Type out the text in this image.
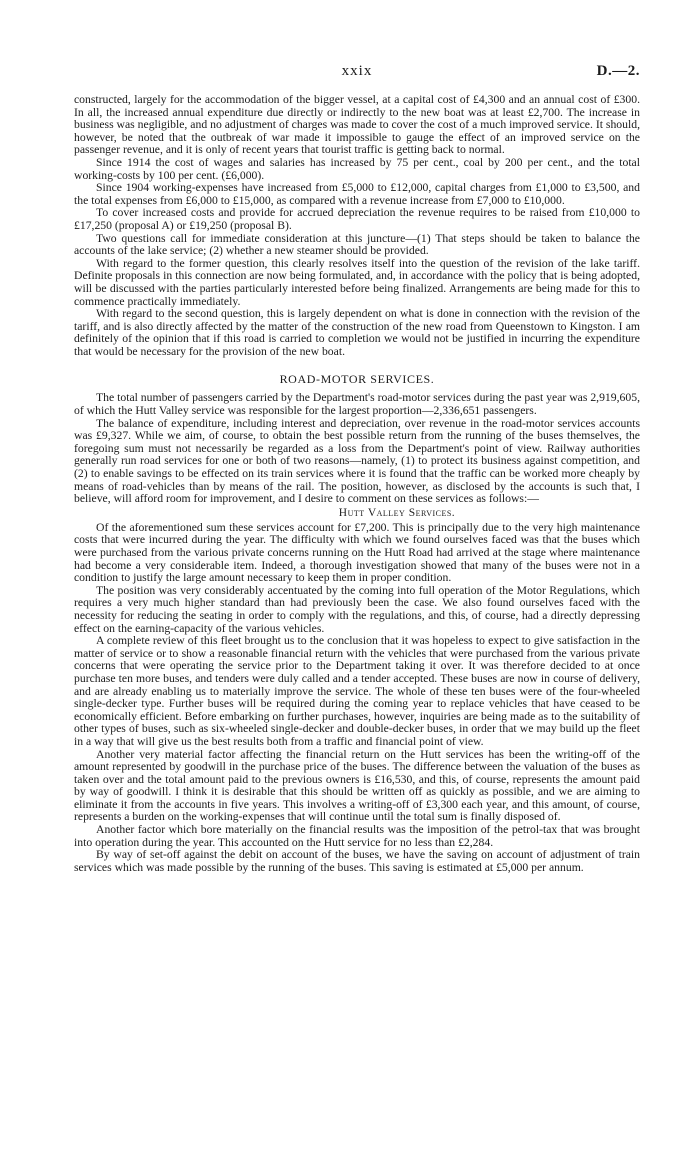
xxix	D.—2.

constructed, largely for the accommodation of the bigger vessel, at a capital cost of £4,300 and an annual cost of £300. In all, the increased annual expenditure due directly or indirectly to the new boat was at least £2,700. The increase in business was negligible, and no adjustment of charges was made to cover the cost of a much improved service. It should, however, be noted that the outbreak of war made it impossible to gauge the effect of an improved service on the passenger revenue, and it is only of recent years that tourist traffic is getting back to normal.

Since 1914 the cost of wages and salaries has increased by 75 per cent., coal by 200 per cent., and the total working-costs by 100 per cent. (£6,000).

Since 1904 working-expenses have increased from £5,000 to £12,000, capital charges from £1,000 to £3,500, and the total expenses from £6,000 to £15,000, as compared with a revenue increase from £7,000 to £10,000.

To cover increased costs and provide for accrued depreciation the revenue requires to be raised from £10,000 to £17,250 (proposal A) or £19,250 (proposal B).

Two questions call for immediate consideration at this juncture—(1) That steps should be taken to balance the accounts of the lake service; (2) whether a new steamer should be provided.

With regard to the former question, this clearly resolves itself into the question of the revision of the lake tariff. Definite proposals in this connection are now being formulated, and, in accordance with the policy that is being adopted, will be discussed with the parties particularly interested before being finalized. Arrangements are being made for this to commence practically immediately.

With regard to the second question, this is largely dependent on what is done in connection with the revision of the tariff, and is also directly affected by the matter of the construction of the new road from Queenstown to Kingston. I am definitely of the opinion that if this road is carried to completion we would not be justified in incurring the expenditure that would be necessary for the provision of the new boat.

ROAD-MOTOR SERVICES.

The total number of passengers carried by the Department's road-motor services during the past year was 2,919,605, of which the Hutt Valley service was responsible for the largest proportion—2,336,651 passengers.

The balance of expenditure, including interest and depreciation, over revenue in the road-motor services accounts was £9,327. While we aim, of course, to obtain the best possible return from the running of the buses themselves, the foregoing sum must not necessarily be regarded as a loss from the Department's point of view. Railway authorities generally run road services for one or both of two reasons—namely, (1) to protect its business against competition, and (2) to enable savings to be effected on its train services where it is found that the traffic can be worked more cheaply by means of road-vehicles than by means of the rail. The position, however, as disclosed by the accounts is such that, I believe, will afford room for improvement, and I desire to comment on these services as follows:—

Hutt Valley Services.

Of the aforementioned sum these services account for £7,200. This is principally due to the very high maintenance costs that were incurred during the year. The difficulty with which we found ourselves faced was that the buses which were purchased from the various private concerns running on the Hutt Road had arrived at the stage where maintenance had become a very considerable item. Indeed, a thorough investigation showed that many of the buses were not in a condition to justify the large amount necessary to keep them in proper condition.

The position was very considerably accentuated by the coming into full operation of the Motor Regulations, which requires a very much higher standard than had previously been the case. We also found ourselves faced with the necessity for reducing the seating in order to comply with the regulations, and this, of course, had a directly depressing effect on the earning-capacity of the various vehicles.

A complete review of this fleet brought us to the conclusion that it was hopeless to expect to give satisfaction in the matter of service or to show a reasonable financial return with the vehicles that were purchased from the various private concerns that were operating the service prior to the Department taking it over. It was therefore decided to at once purchase ten more buses, and tenders were duly called and a tender accepted. These buses are now in course of delivery, and are already enabling us to materially improve the service. The whole of these ten buses were of the four-wheeled single-decker type. Further buses will be required during the coming year to replace vehicles that have ceased to be economically efficient. Before embarking on further purchases, however, inquiries are being made as to the suitability of other types of buses, such as six-wheeled single-decker and double-decker buses, in order that we may build up the fleet in a way that will give us the best results both from a traffic and financial point of view.

Another very material factor affecting the financial return on the Hutt services has been the writing-off of the amount represented by goodwill in the purchase price of the buses. The difference between the valuation of the buses as taken over and the total amount paid to the previous owners is £16,530, and this, of course, represents the amount paid by way of goodwill. I think it is desirable that this should be written off as quickly as possible, and we are aiming to eliminate it from the accounts in five years. This involves a writing-off of £3,300 each year, and this amount, of course, represents a burden on the working-expenses that will continue until the total sum is finally disposed of.

Another factor which bore materially on the financial results was the imposition of the petrol-tax that was brought into operation during the year. This accounted on the Hutt service for no less than £2,284.

By way of set-off against the debit on account of the buses, we have the saving on account of adjustment of train services which was made possible by the running of the buses. This saving is estimated at £5,000 per annum.
